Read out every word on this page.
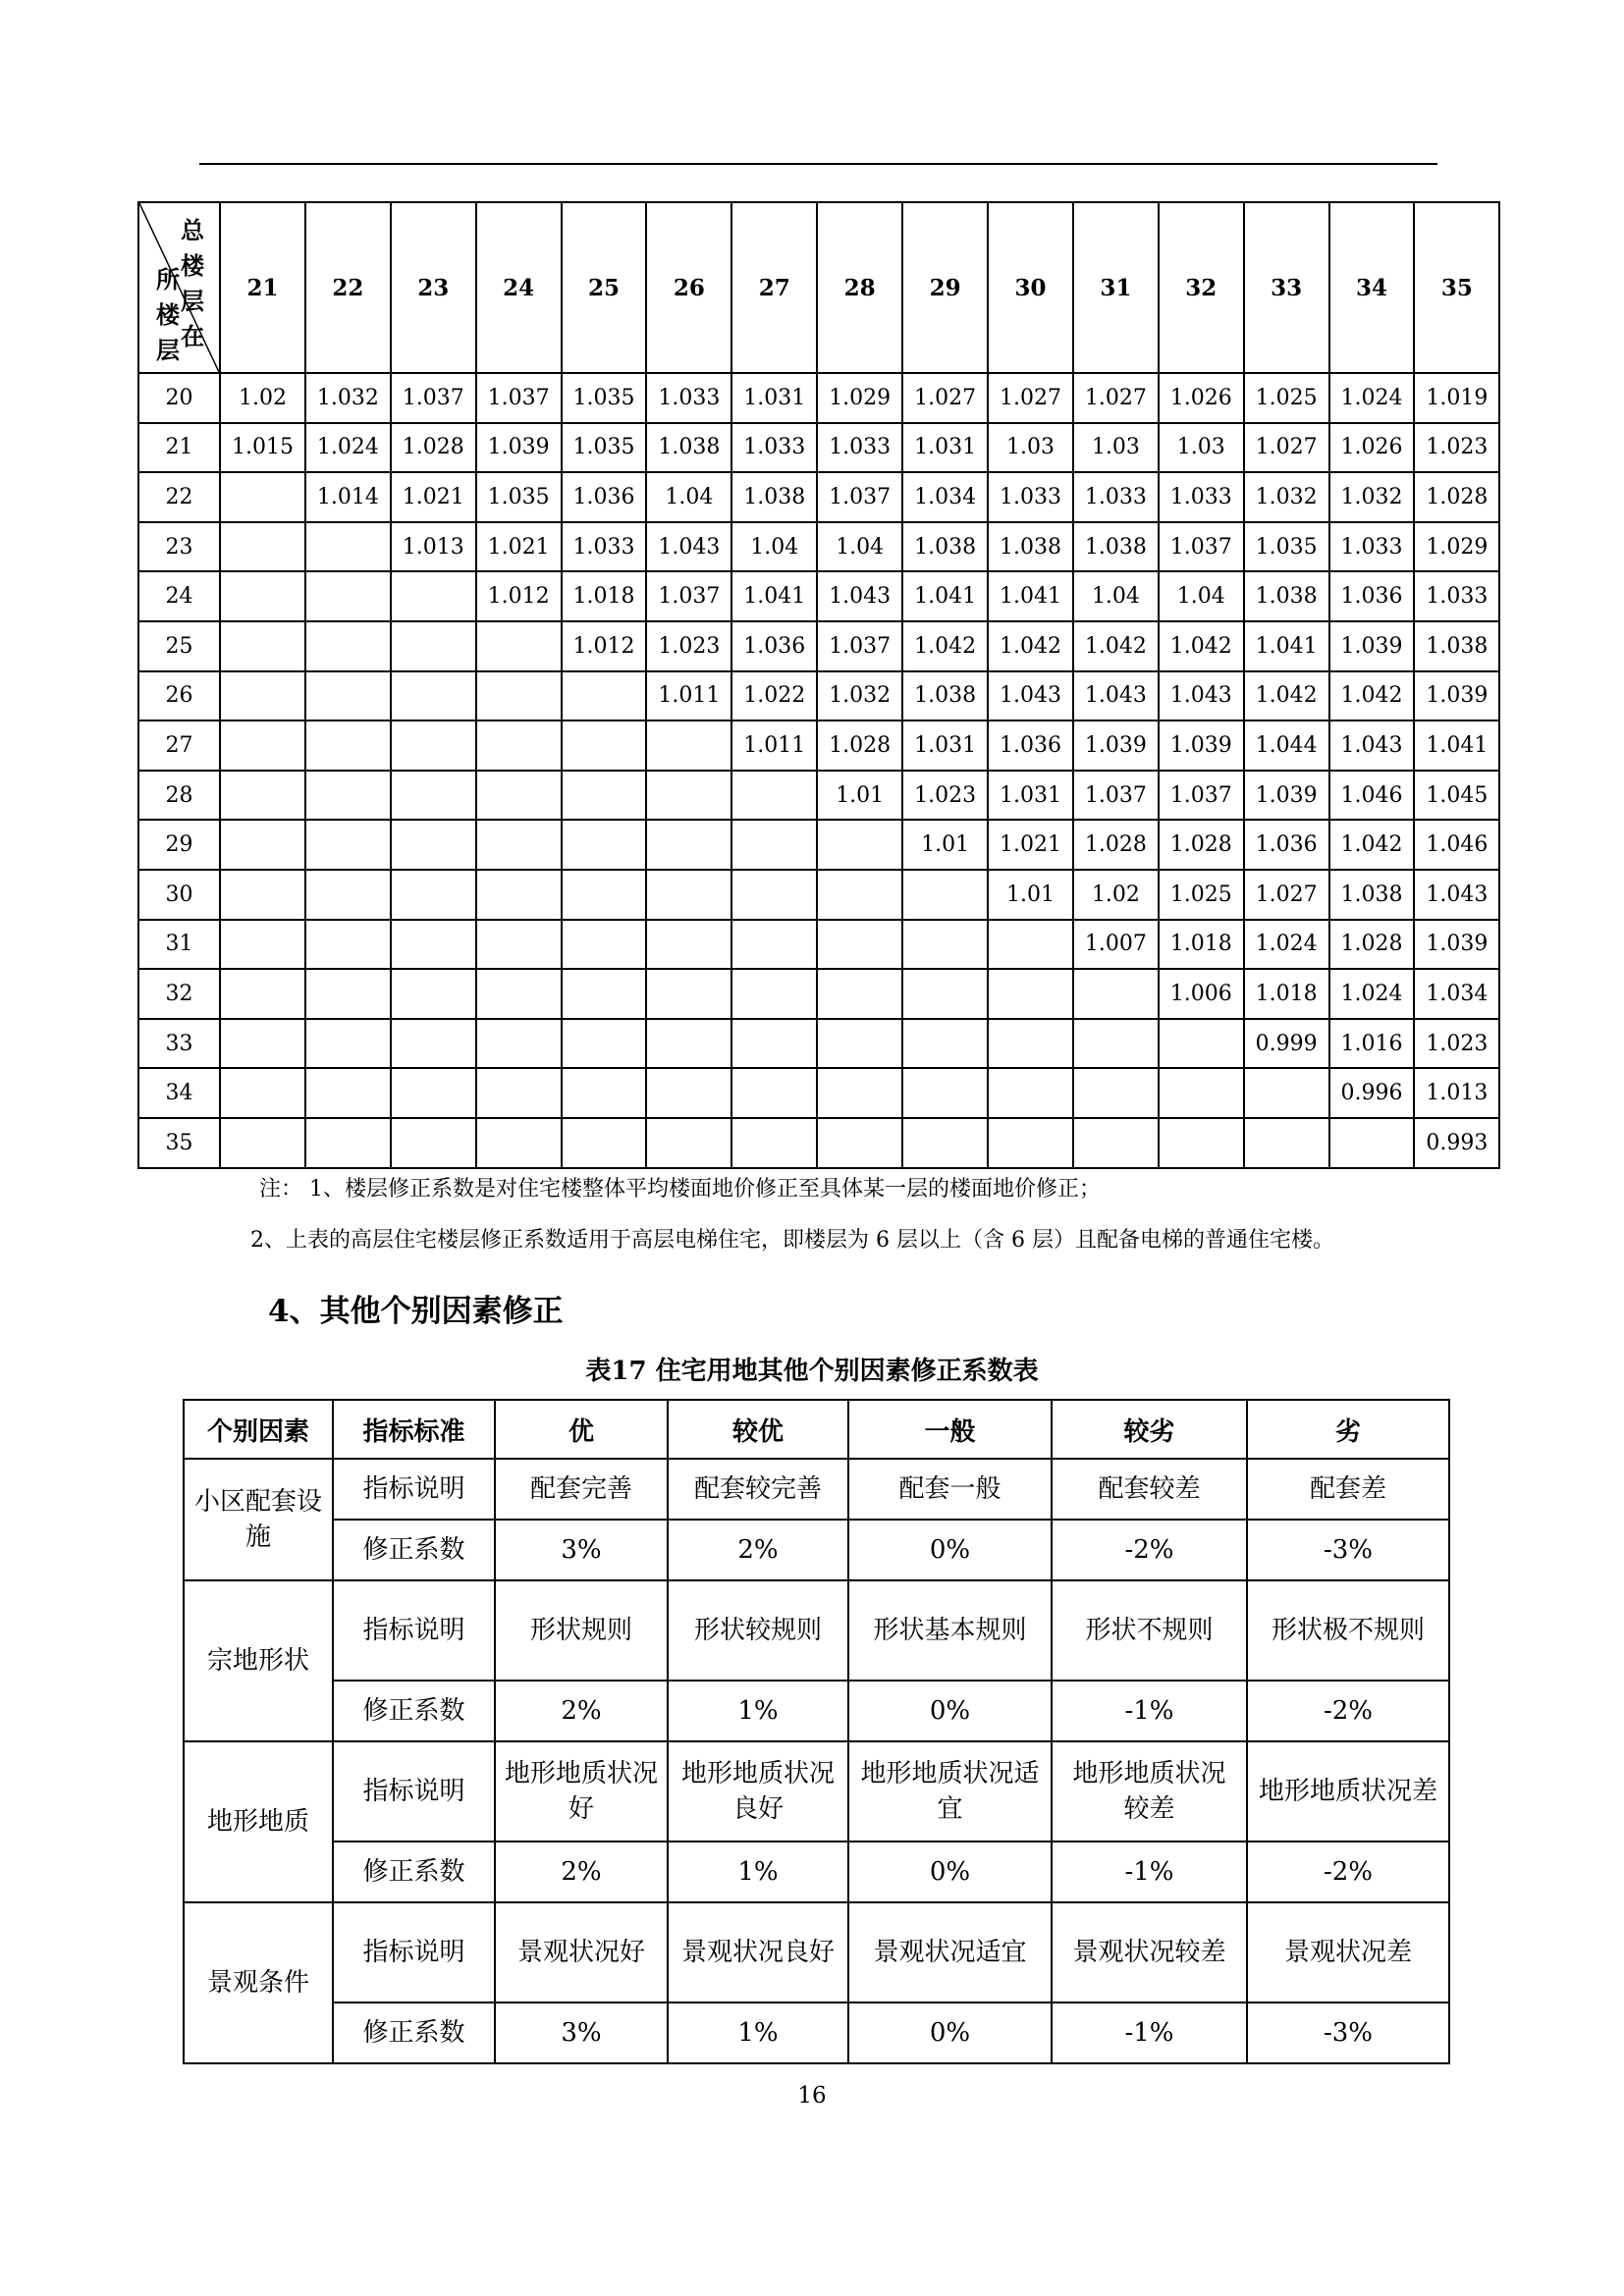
总楼
层
在
所
楼层	21	22	23	24	25	26	27	28	29	30	31	32	33	34	35
20	1.02	1.032	1.037	1.037	1.035	1.033	1.031	1.029	1.027	1.027	1.027	1.026	1.025	1.024	1.019
21	1.015	1.024	1.028	1.039	1.035	1.038	1.033	1.033	1.031	1.03	1.03	1.03	1.027	1.026	1.023
22		1.014	1.021	1.035	1.036	1.04	1.038	1.037	1.034	1.033	1.033	1.033	1.032	1.032	1.028
23			1.013	1.021	1.033	1.043	1.04	1.04	1.038	1.038	1.038	1.037	1.035	1.033	1.029
24				1.012	1.018	1.037	1.041	1.043	1.041	1.041	1.04	1.04	1.038	1.036	1.033
25					1.012	1.023	1.036	1.037	1.042	1.042	1.042	1.042	1.041	1.039	1.038
26						1.011	1.022	1.032	1.038	1.043	1.043	1.043	1.042	1.042	1.039
27							1.011	1.028	1.031	1.036	1.039	1.039	1.044	1.043	1.041
28								1.01	1.023	1.031	1.037	1.037	1.039	1.046	1.045
29									1.01	1.021	1.028	1.028	1.036	1.042	1.046
30										1.01	1.02	1.025	1.027	1.038	1.043
31											1.007	1.018	1.024	1.028	1.039
32												1.006	1.018	1.024	1.034
33													0.999	1.016	1.023
34														0.996	1.013
35															0.993
注： 1、楼层修正系数是对住宅楼整体平均楼面地价修正至具体某一层的楼面地价修正；
2、上表的高层住宅楼层修正系数适用于高层电梯住宅，即楼层为 6 层以上（含 6 层）且配备电梯的普通住宅楼。
4、其他个别因素修正
表17 住宅用地其他个别因素修正系数表
个别因素	指标标准	优	较优	一般	较劣	劣
小区配套设施	指标说明	配套完善	配套较完善	配套一般	配套较差	配套差
	修正系数	3%	2%	0%	-2%	-3%
宗地形状	指标说明	形状规则	形状较规则	形状基本规则	形状不规则	形状极不规则
	修正系数	2%	1%	0%	-1%	-2%
地形地质	指标说明	地形地质状况好	地形地质状况良好	地形地质状况适宜	地形地质状况较差	地形地质状况差
	修正系数	2%	1%	0%	-1%	-2%
景观条件	指标说明	景观状况好	景观状况良好	景观状况适宜	景观状况较差	景观状况差
	修正系数	3%	1%	0%	-1%	-3%
16
